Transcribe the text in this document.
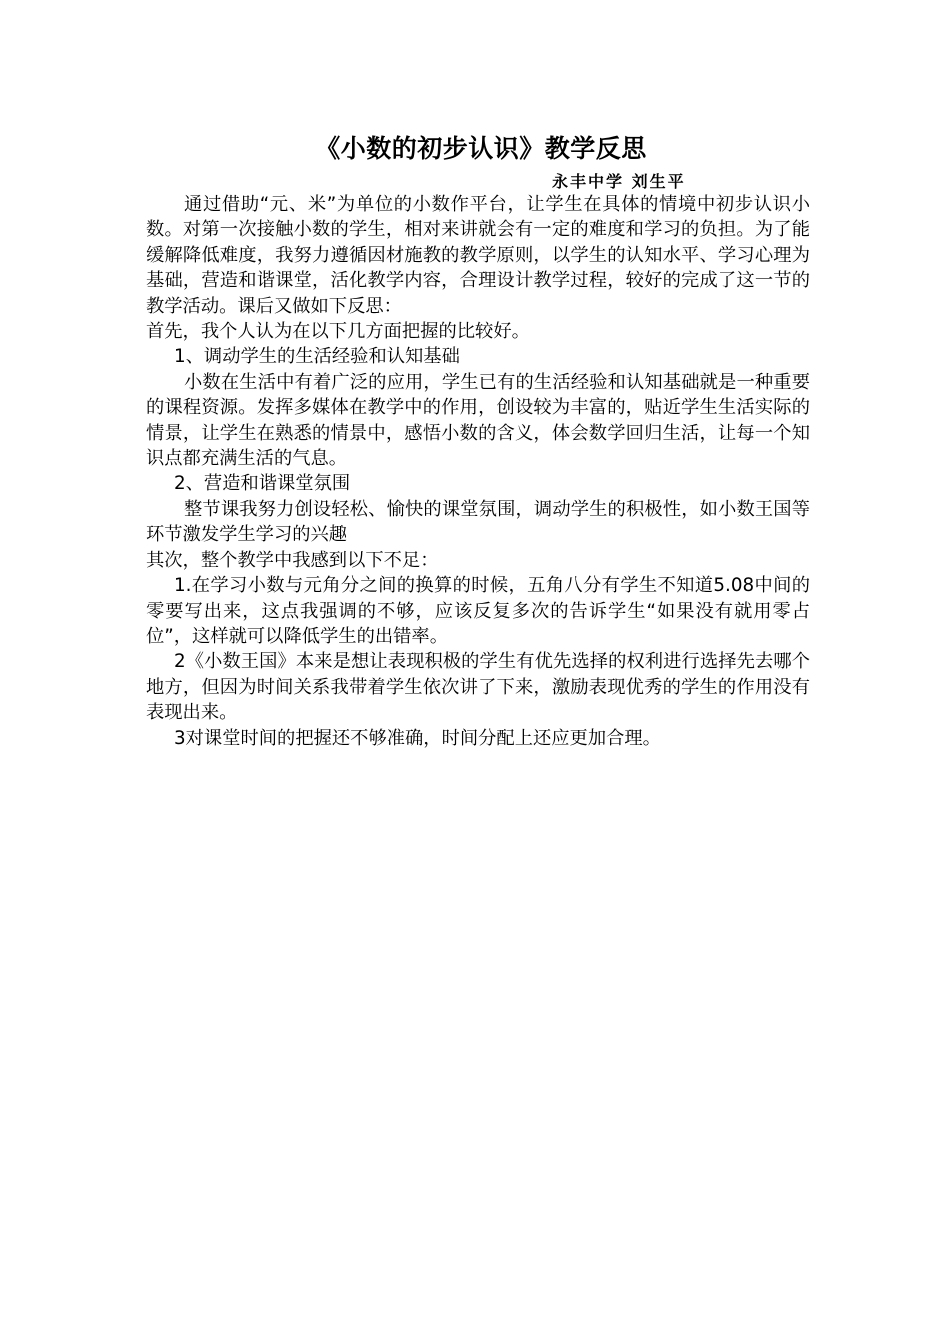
《小数的初步认识》教学反思

永丰中学 刘生平

通过借助“元、米”为单位的小数作平台，让学生在具体的情境中初步认识小数。对第一次接触小数的学生，相对来讲就会有一定的难度和学习的负担。为了能缓解降低难度，我努力遵循因材施教的教学原则，以学生的认知水平、学习心理为基础，营造和谐课堂，活化教学内容，合理设计教学过程，较好的完成了这一节的教学活动。课后又做如下反思：

首先，我个人认为在以下几方面把握的比较好。

1、调动学生的生活经验和认知基础

小数在生活中有着广泛的应用，学生已有的生活经验和认知基础就是一种重要的课程资源。发挥多媒体在教学中的作用，创设较为丰富的，贴近学生生活实际的情景，让学生在熟悉的情景中，感悟小数的含义，体会数学回归生活，让每一个知识点都充满生活的气息。

2、营造和谐课堂氛围

整节课我努力创设轻松、愉快的课堂氛围，调动学生的积极性，如小数王国等环节激发学生学习的兴趣

其次，整个教学中我感到以下不足：

1.在学习小数与元角分之间的换算的时候，五角八分有学生不知道5.08中间的零要写出来，这点我强调的不够，应该反复多次的告诉学生“如果没有就用零占位”，这样就可以降低学生的出错率。

2《小数王国》本来是想让表现积极的学生有优先选择的权利进行选择先去哪个地方，但因为时间关系我带着学生依次讲了下来，激励表现优秀的学生的作用没有表现出来。

3对课堂时间的把握还不够准确，时间分配上还应更加合理。
